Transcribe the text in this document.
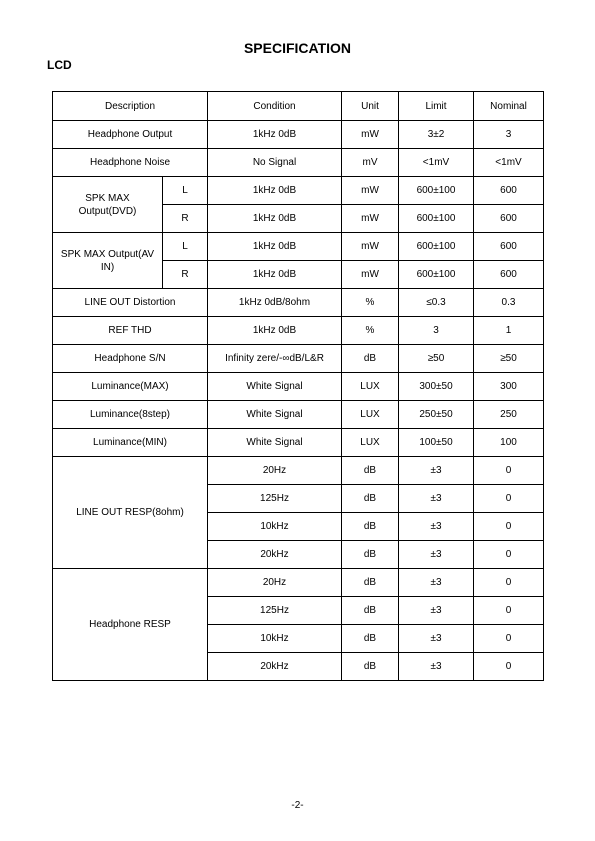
SPECIFICATION
LCD
Description		Condition	Unit	Limit	Nominal
Headphone Output		1kHz 0dB	mW	3±2	3
Headphone Noise		No Signal	mV	<1mV	<1mV
SPK MAX Output(DVD)	L	1kHz 0dB	mW	600±100	600
	R	1kHz 0dB	mW	600±100	600
SPK MAX Output(AV IN)	L	1kHz 0dB	mW	600±100	600
	R	1kHz 0dB	mW	600±100	600
LINE OUT Distortion		1kHz 0dB/8ohm	%	≤0.3	0.3
REF THD		1kHz 0dB	%	3	1
Headphone S/N		Infinity zere/-∞dB/L&R	dB	≥50	≥50
Luminance(MAX)		White Signal	LUX	300±50	300
Luminance(8step)		White Signal	LUX	250±50	250
Luminance(MIN)		White Signal	LUX	100±50	100
LINE OUT RESP(8ohm)		20Hz	dB	±3	0
		125Hz	dB	±3	0
		10kHz	dB	±3	0
		20kHz	dB	±3	0
Headphone RESP		20Hz	dB	±3	0
		125Hz	dB	±3	0
		10kHz	dB	±3	0
		20kHz	dB	±3	0
-2-
